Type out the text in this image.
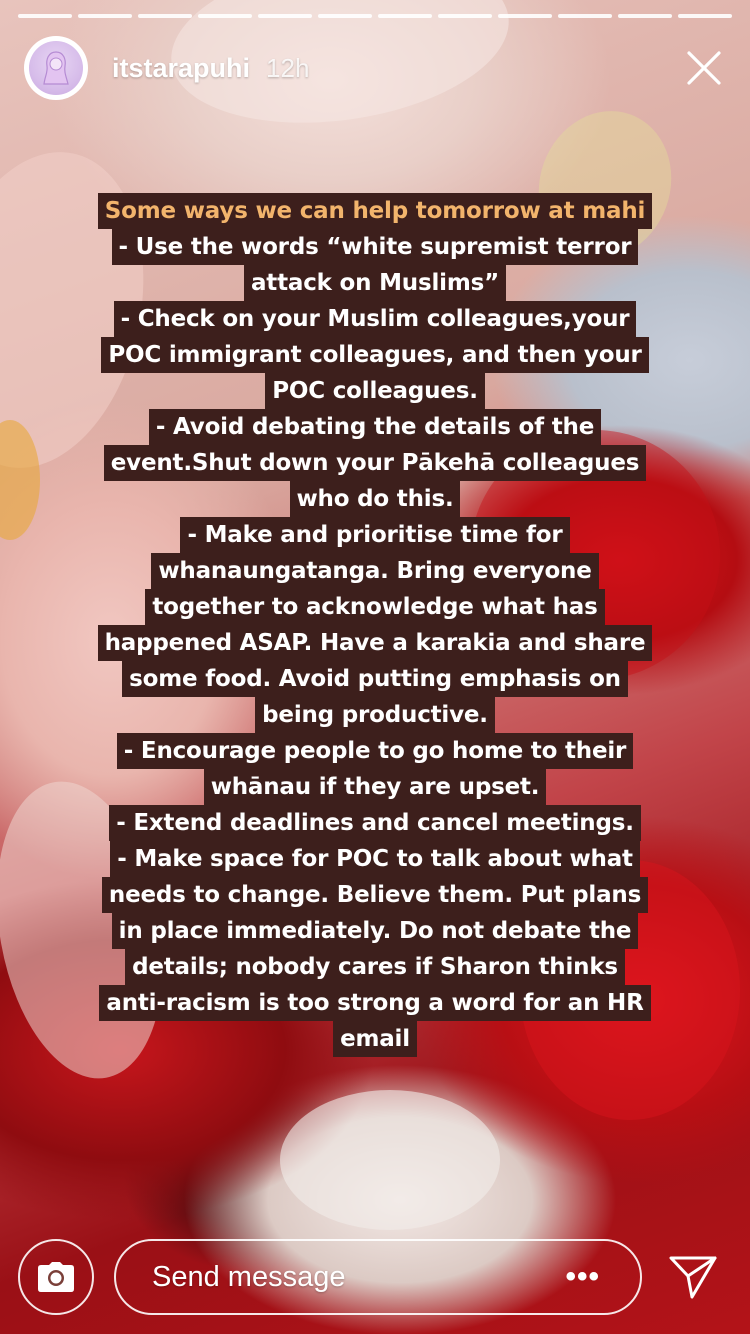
itstarapuhi 12h
Some ways we can help tomorrow at mahi
- Use the words “white supremist terror
attack on Muslims”
- Check on your Muslim colleagues,your
POC immigrant colleagues, and then your
POC colleagues.
- Avoid debating the details of the
event.Shut down your Pākehā colleagues
who do this.
- Make and prioritise time for
whanaungatanga. Bring everyone
together to acknowledge what has
happened ASAP. Have a karakia and share
some food. Avoid putting emphasis on
being productive.
- Encourage people to go home to their
whānau if they are upset.
- Extend deadlines and cancel meetings.
- Make space for POC to talk about what
needs to change. Believe them. Put plans
in place immediately. Do not debate the
details; nobody cares if Sharon thinks
anti-racism is too strong a word for an HR
email
Send message	•••
